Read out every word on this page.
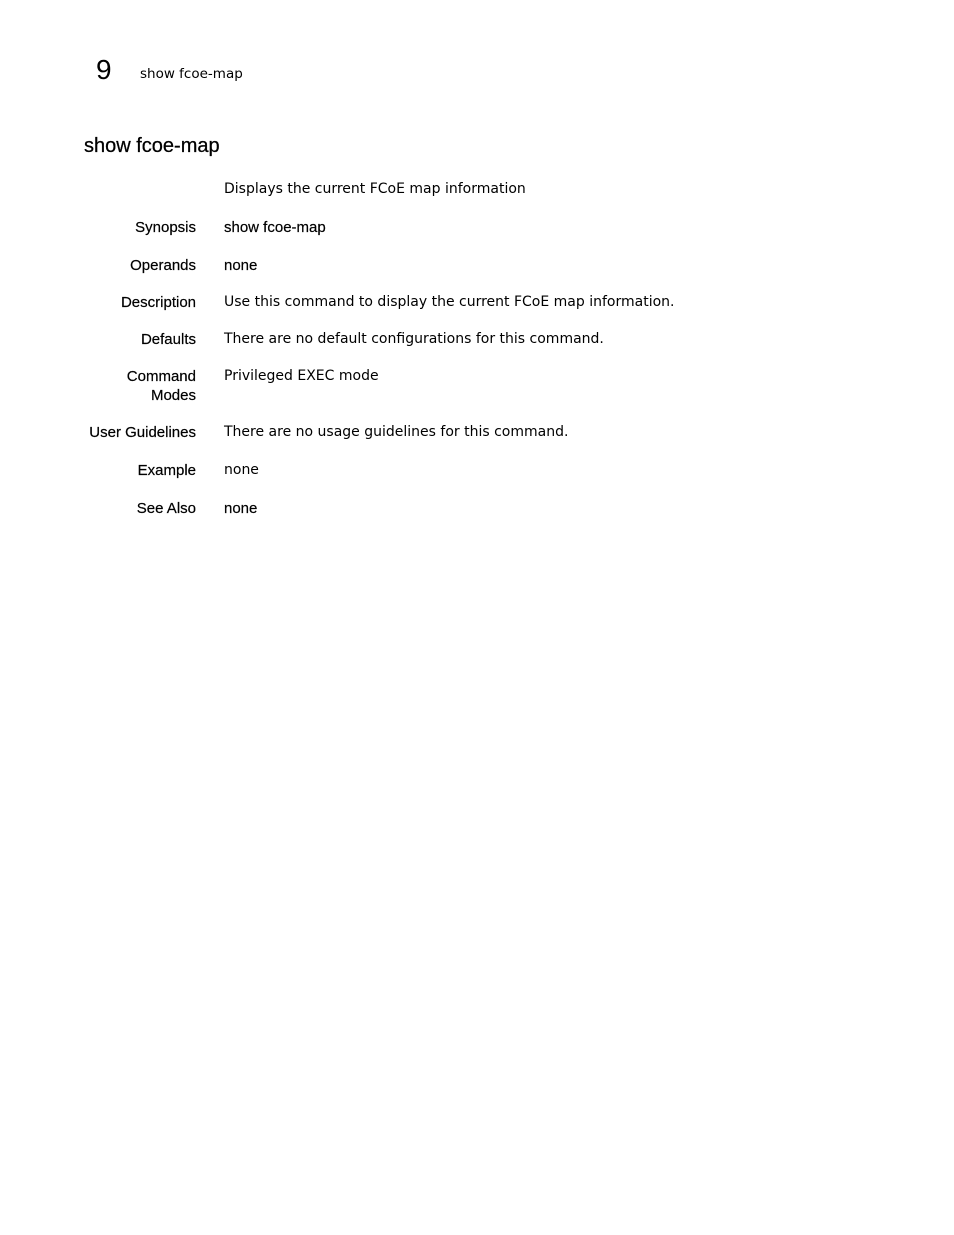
9 show fcoe-map
show fcoe-map
Displays the current FCoE map information
Synopsis show fcoe-map
Operands none
Description Use this command to display the current FCoE map information.
Defaults There are no default configurations for this command.
Command
Modes
Privileged EXEC mode
User Guidelines There are no usage guidelines for this command.
Example none
See Also none
